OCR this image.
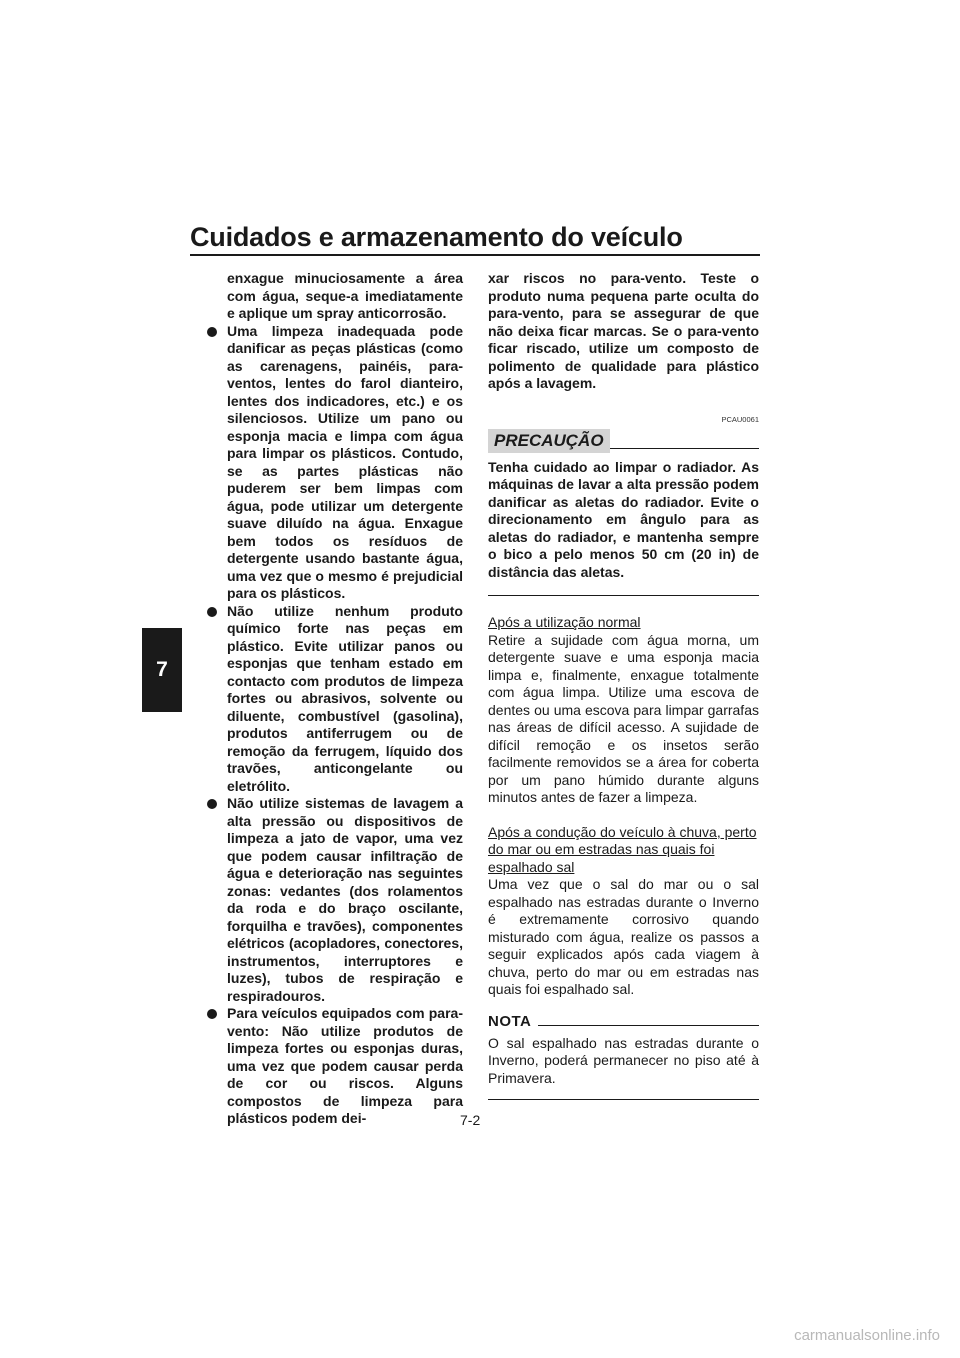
Cuidados e armazenamento do veículo
7

enxague minuciosamente a área com água, seque-a imediatamente e aplique um spray anticorrosão.

Uma limpeza inadequada pode danificar as peças plásticas (como as carenagens, painéis, para-ventos, lentes do farol dianteiro, lentes dos indicadores, etc.) e os silenciosos. Utilize um pano ou esponja macia e limpa com água para limpar os plásticos. Contudo, se as partes plásticas não puderem ser bem limpas com água, pode utilizar um detergente suave diluído na água. Enxague bem todos os resíduos de detergente usando bastante água, uma vez que o mesmo é prejudicial para os plásticos.

Não utilize nenhum produto químico forte nas peças em plástico. Evite utilizar panos ou esponjas que tenham estado em contacto com produtos de limpeza fortes ou abrasivos, solvente ou diluente, combustível (gasolina), produtos antiferrugem ou de remoção da ferrugem, líquido dos travões, anticongelante ou eletrólito.

Não utilize sistemas de lavagem a alta pressão ou dispositivos de limpeza a jato de vapor, uma vez que podem causar infiltração de água e deterioração nas seguintes zonas: vedantes (dos rolamentos da roda e do braço oscilante, forquilha e travões), componentes elétricos (acopladores, conectores, instrumentos, interruptores e luzes), tubos de respiração e respiradouros.

Para veículos equipados com para-vento: Não utilize produtos de limpeza fortes ou esponjas duras, uma vez que podem causar perda de cor ou riscos. Alguns compostos de limpeza para plásticos podem dei-

xar riscos no para-vento. Teste o produto numa pequena parte oculta do para-vento, para se assegurar de que não deixa ficar marcas. Se o para-vento ficar riscado, utilize um composto de polimento de qualidade para plástico após a lavagem.

PCAU0061
PRECAUÇÃO

Tenha cuidado ao limpar o radiador. As máquinas de lavar a alta pressão podem danificar as aletas do radiador. Evite o direcionamento em ângulo para as aletas do radiador, e mantenha sempre o bico a pelo menos 50 cm (20 in) de distância das aletas.

Após a utilização normal

Retire a sujidade com água morna, um detergente suave e uma esponja macia limpa e, finalmente, enxague totalmente com água limpa. Utilize uma escova de dentes ou uma escova para limpar garrafas nas áreas de difícil acesso. A sujidade de difícil remoção e os insetos serão facilmente removidos se a área for coberta por um pano húmido durante alguns minutos antes de fazer a limpeza.

Após a condução do veículo à chuva, perto do mar ou em estradas nas quais foi espalhado sal

Uma vez que o sal do mar ou o sal espalhado nas estradas durante o Inverno é extremamente corrosivo quando misturado com água, realize os passos a seguir explicados após cada viagem à chuva, perto do mar ou em estradas nas quais foi espalhado sal.

NOTA

O sal espalhado nas estradas durante o Inverno, poderá permanecer no piso até à Primavera.

7-2
carmanualsonline.info
